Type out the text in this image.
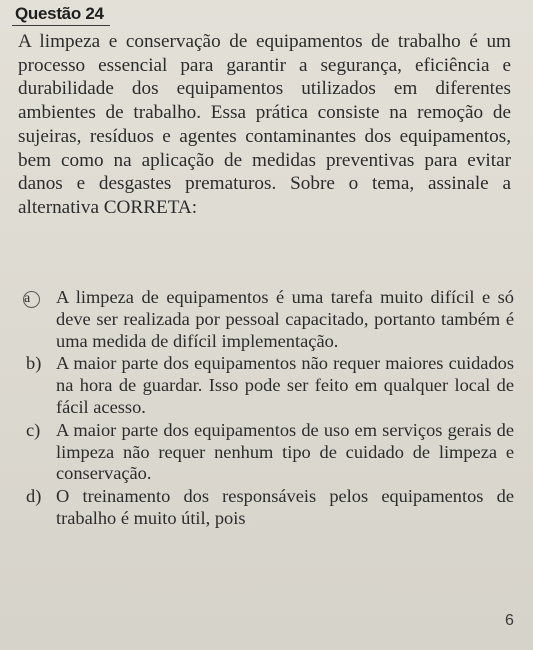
Questão 24

A limpeza e conservação de equipamentos de trabalho é um processo essencial para garantir a segurança, eficiência e durabilidade dos equipamentos utilizados em diferentes ambientes de trabalho. Essa prática consiste na remoção de sujeiras, resíduos e agentes contaminantes dos equipamentos, bem como na aplicação de medidas preventivas para evitar danos e desgastes prematuros. Sobre o tema, assinale a alternativa CORRETA:

a	A limpeza de equipamentos é uma tarefa muito difícil e só deve ser realizada por pessoal capacitado, portanto também é uma medida de difícil implementação.
b) A maior parte dos equipamentos não requer maiores cuidados na hora de guardar. Isso pode ser feito em qualquer local de fácil acesso.
c) A maior parte dos equipamentos de uso em serviços gerais de limpeza não requer nenhum tipo de cuidado de limpeza e conservação.
d) O treinamento dos responsáveis pelos equipamentos de trabalho é muito útil, pois
6
